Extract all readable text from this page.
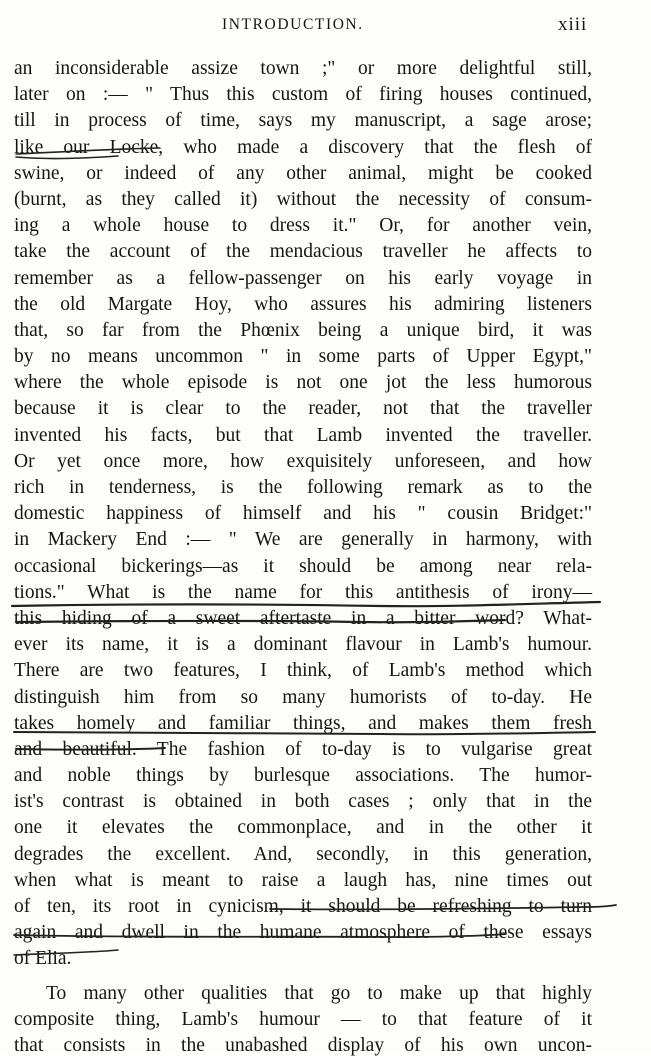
INTRODUCTION.	xiii
an inconsiderable assize town ;" or more delightful still,
later on :— " Thus this custom of firing houses continued,
till in process of time, says my manuscript, a sage arose;
like our Locke, who made a discovery that the flesh of
swine, or indeed of any other animal, might be cooked
(burnt, as they called it) without the necessity of consum-
ing a whole house to dress it." Or, for another vein,
take the account of the mendacious traveller he affects to
remember as a fellow-passenger on his early voyage in
the old Margate Hoy, who assures his admiring listeners
that, so far from the Phœnix being a unique bird, it was
by no means uncommon " in some parts of Upper Egypt,"
where the whole episode is not one jot the less humorous
because it is clear to the reader, not that the traveller
invented his facts, but that Lamb invented the traveller.
Or yet once more, how exquisitely unforeseen, and how
rich in tenderness, is the following remark as to the
domestic happiness of himself and his " cousin Bridget:"
in Mackery End :— " We are generally in harmony, with
occasional bickerings—as it should be among near rela-
tions." What is the name for this antithesis of irony—
this hiding of a sweet aftertaste in a bitter word? What-
ever its name, it is a dominant flavour in Lamb's humour.
There are two features, I think, of Lamb's method which
distinguish him from so many humorists of to-day. He
takes homely and familiar things, and makes them fresh
and beautiful. The fashion of to-day is to vulgarise great
and noble things by burlesque associations. The humor-
ist's contrast is obtained in both cases ; only that in the
one it elevates the commonplace, and in the other it
degrades the excellent. And, secondly, in this generation,
when what is meant to raise a laugh has, nine times out
of ten, its root in cynicism, it should be refreshing to turn
again and dwell in the humane atmosphere of these essays
of Elia.
To many other qualities that go to make up that highly
composite thing, Lamb's humour — to that feature of it
that consists in the unabashed display of his own uncon-
